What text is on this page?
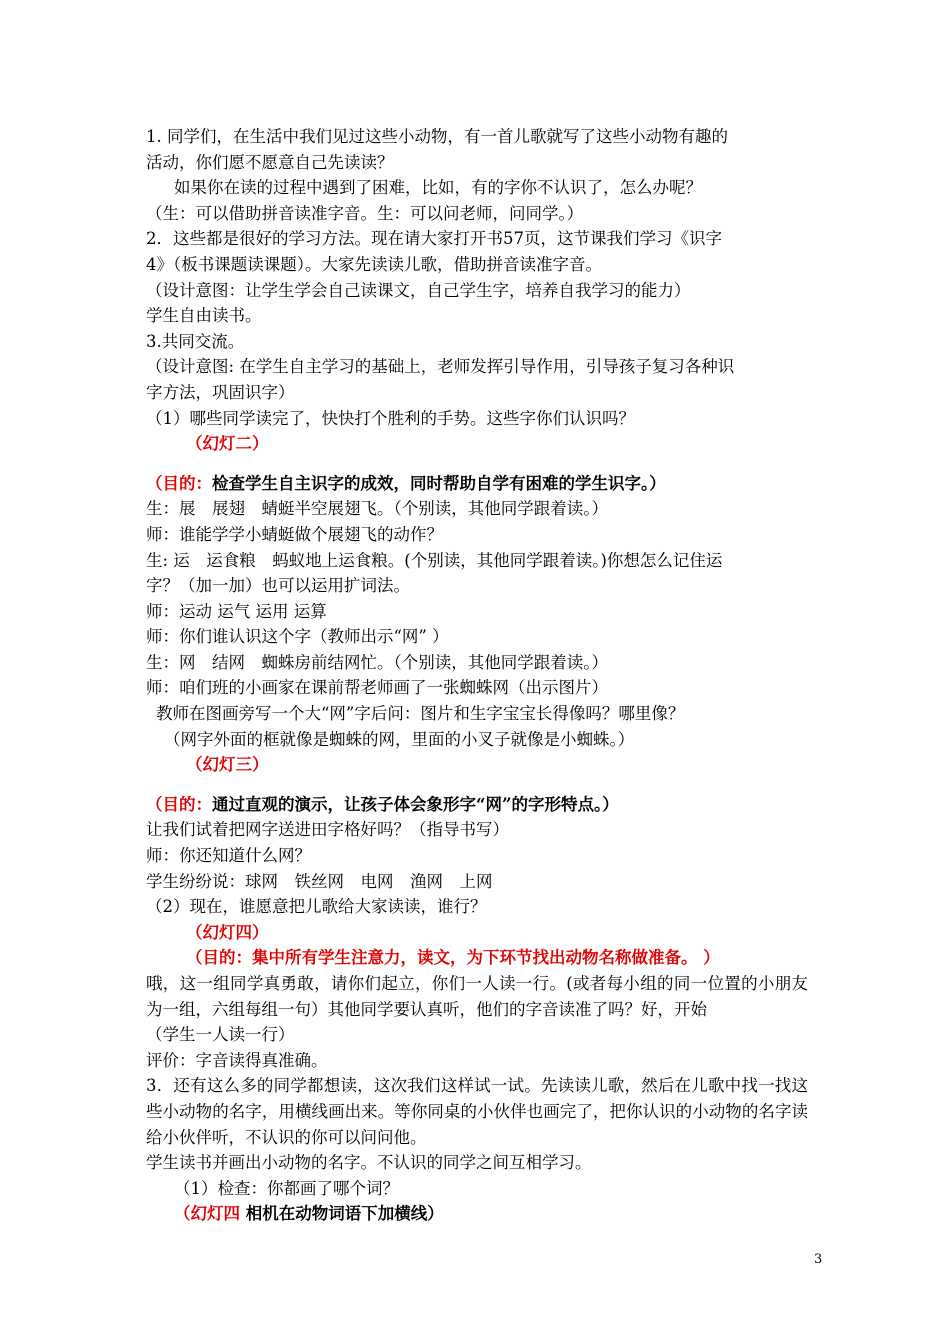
1. 同学们，在生活中我们见过这些小动物，有一首儿歌就写了这些小动物有趣的

活动，你们愿不愿意自己先读读？

如果你在读的过程中遇到了困难，比如，有的字你不认识了，怎么办呢？

（生：可以借助拼音读准字音。生：可以问老师，问同学。）

2．这些都是很好的学习方法。现在请大家打开书57页，这节课我们学习《识字

4》（板书课题读课题）。大家先读读儿歌，借助拼音读准字音。

（设计意图：让学生学会自己读课文，自己学生字，培养自我学习的能力）

学生自由读书。

3.共同交流。

（设计意图: 在学生自主学习的基础上，老师发挥引导作用，引导孩子复习各种识

字方法，巩固识字）

（1）哪些同学读完了，快快打个胜利的手势。这些字你们认识吗？

（幻灯二）

（目的：检查学生自主识字的成效，同时帮助自学有困难的学生识字。）

生：展　展翅　蜻蜓半空展翅飞。（个别读，其他同学跟着读。）

师：谁能学学小蜻蜓做个展翅飞的动作？

生: 运　运食粮　蚂蚁地上运食粮。(个别读，其他同学跟着读。)你想怎么记住运

字？（加一加）也可以运用扩词法。

师：运动 运气 运用 运算

师：你们谁认识这个字（教师出示“网” ）

生：网　结网　蜘蛛房前结网忙。（个别读，其他同学跟着读。）

师：咱们班的小画家在课前帮老师画了一张蜘蛛网（出示图片）

教师在图画旁写一个大“网”字后问：图片和生字宝宝长得像吗？哪里像？

（网字外面的框就像是蜘蛛的网，里面的小叉子就像是小蜘蛛。）

（幻灯三）

（目的：通过直观的演示，让孩子体会象形字“网”的字形特点。）

让我们试着把网字送进田字格好吗？（指导书写）

师：你还知道什么网？

学生纷纷说：球网　铁丝网　电网　渔网　上网

（2）现在，谁愿意把儿歌给大家读读，谁行？

（幻灯四）

（目的：集中所有学生注意力，读文，为下环节找出动物名称做准备。 ）

哦，这一组同学真勇敢，请你们起立，你们一人读一行。(或者每小组的同一位置的小朋友为一组，六组每组一句）其他同学要认真听，他们的字音读准了吗？好，开始

（学生一人读一行）

评价：字音读得真准确。

3．还有这么多的同学都想读，这次我们这样试一试。先读读儿歌，然后在儿歌中找一找这些小动物的名字，用横线画出来。等你同桌的小伙伴也画完了，把你认识的小动物的名字读给小伙伴听，不认识的你可以问问他。

学生读书并画出小动物的名字。不认识的同学之间互相学习。

（1）检查：你都画了哪个词？

（幻灯四 相机在动物词语下加横线）

3
